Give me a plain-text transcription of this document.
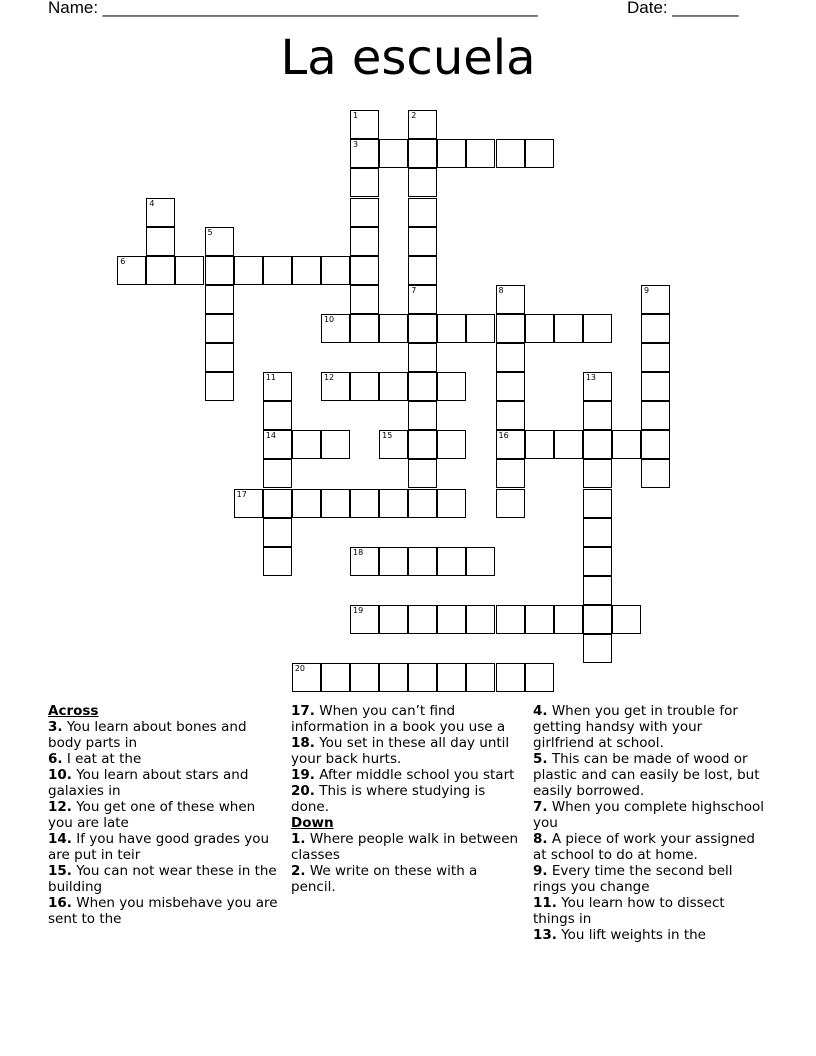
Name: ______________________________________________	Date: _______
La escuela
3
1	2
4
5
6
7	8
16
9
10
11
14
12	13
15
17
18
19
20
Across
3. You learn about bones and body parts in
6. I eat at the
10. You learn about stars and galaxies in
12. You get one of these when you are late
14. If you have good grades you are put in teir
15. You can not wear these in the building
16. When you misbehave you are sent to the
17. When you can’t find information in a book you use a
18. You set in these all day until your back hurts.
19. After middle school you start
20. This is where studying is done.
Down
1. Where people walk in between classes
2. We write on these with a pencil.
4. When you get in trouble for getting handsy with your girlfriend at school.
5. This can be made of wood or plastic and can easily be lost, but easily borrowed.
7. When you complete highschool you
8. A piece of work your assigned at school to do at home.
9. Every time the second bell rings you change
11. You learn how to dissect things in
13. You lift weights in the
